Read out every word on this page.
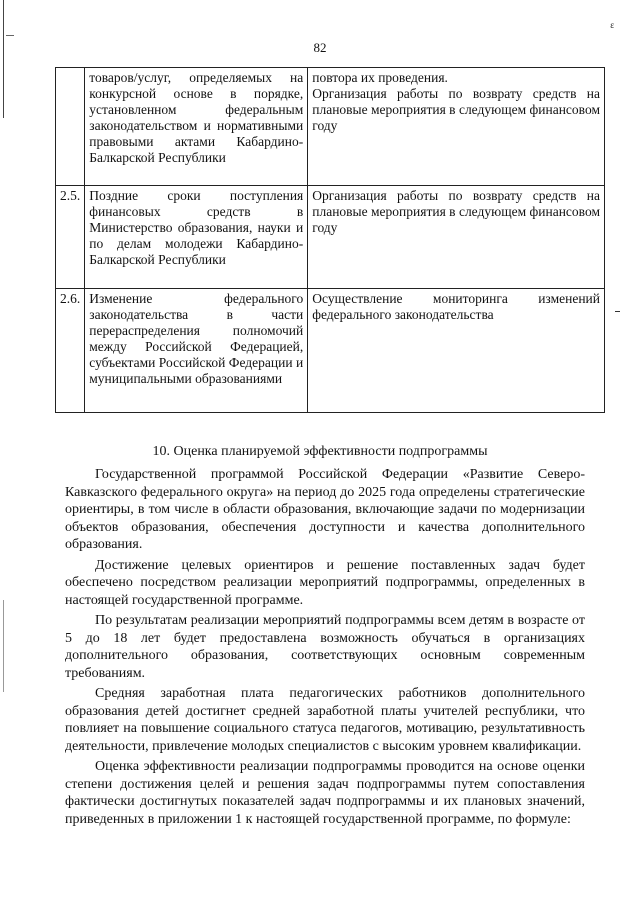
ɛ
82
	товаров/услуг, определяемых на конкурсной основе в порядке, установленном федеральным законодательством и нормативными правовыми актами Кабардино-Балкарской Республики	повтора их проведения.
Организация работы по возврату средств на плановые мероприятия в следующем финансовом году

2.5.	Поздние сроки поступления финансовых средств в Министерство образования, науки и по делам молодежи Кабардино-Балкарской Республики	Организация работы по возврату средств на плановые мероприятия в следующем финансовом году

2.6.	Изменение федерального законодательства в части перераспределения полномочий между Российской Федерацией, субъектами Российской Федерации и муниципальными образованиями	Осуществление мониторинга изменений федерального законодательства
10. Оценка планируемой эффективности подпрограммы

Государственной программой Российской Федерации «Развитие Северо-Кавказского федерального округа» на период до 2025 года определены стратегические ориентиры, в том числе в области образования, включающие задачи по модернизации объектов образования, обеспечения доступности и качества дополнительного образования.

Достижение целевых ориентиров и решение поставленных задач будет обеспечено посредством реализации мероприятий подпрограммы, определенных в настоящей государственной программе.

По результатам реализации мероприятий подпрограммы всем детям в возрасте от 5 до 18 лет будет предоставлена возможность обучаться в организациях дополнительного образования, соответствующих основным современным требованиям.

Средняя заработная плата педагогических работников дополнительного образования детей достигнет средней заработной платы учителей республики, что повлияет на повышение социального статуса педагогов, мотивацию, результативность деятельности, привлечение молодых специалистов с высоким уровнем квалификации.

Оценка эффективности реализации подпрограммы проводится на основе оценки степени достижения целей и решения задач подпрограммы путем сопоставления фактически достигнутых показателей задач подпрограммы и их плановых значений, приведенных в приложении 1 к настоящей государственной программе, по формуле:
